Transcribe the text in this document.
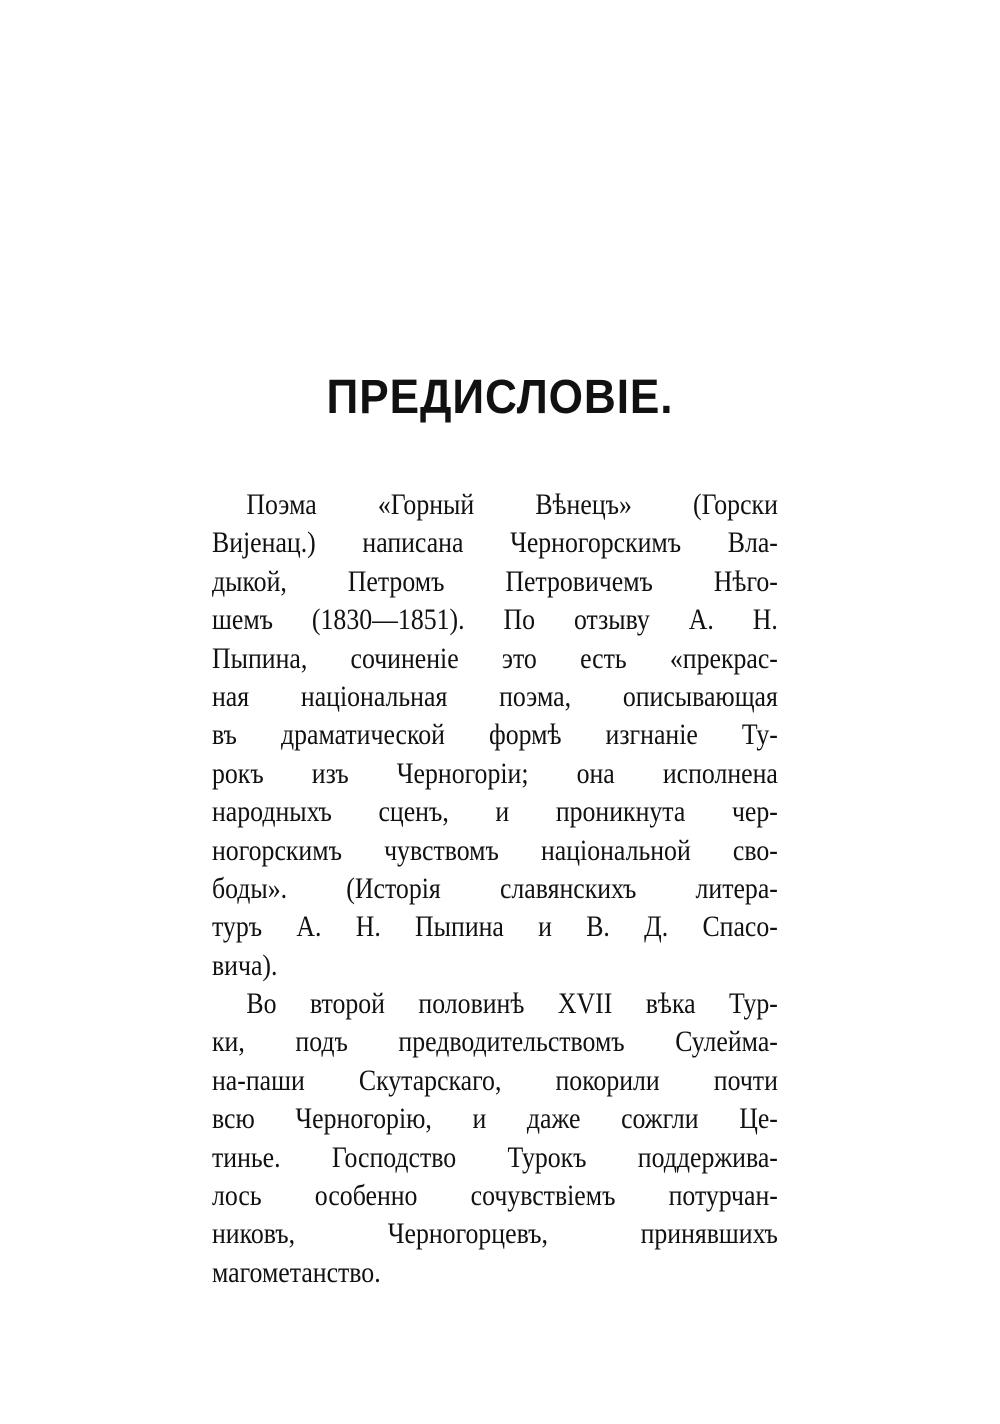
ПРЕДИСЛОВІЕ.
Поэма «Горный Вѣнецъ» (Горски
Виjенац.) написана Черногорскимъ Вла-
дыкой, Петромъ Петровичемъ Нѣго-
шемъ (1830—1851). По отзыву А. Н.
Пыпина, сочиненіе это есть «прекрас-
ная національная поэма, описывающая
въ драматической формѣ изгнаніе Ту-
рокъ изъ Черногоріи; она исполнена
народныхъ сценъ, и проникнута чер-
ногорскимъ чувствомъ національной сво-
боды». (Исторія славянскихъ литера-
туръ А. Н. Пыпина и В. Д. Спасо-
вича).
Во второй половинѣ XVII вѣка Тур-
ки, подъ предводительствомъ Сулейма-
на-паши Скутарскаго, покорили почти
всю Черногорію, и даже сожгли Це-
тинье. Господство Турокъ поддержива-
лось особенно сочувствіемъ потурчан-
никовъ, Черногорцевъ, принявшихъ
магометанство.
